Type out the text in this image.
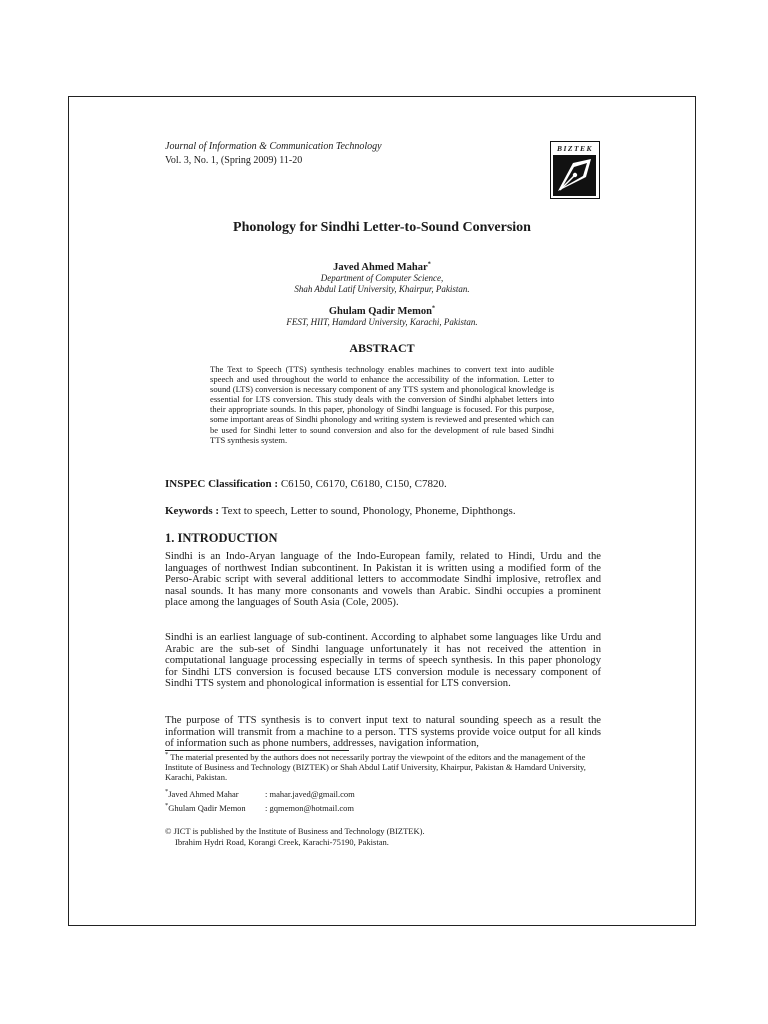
Journal of Information & Communication Technology
Vol. 3, No. 1, (Spring 2009) 11-20
BIZTEK
Phonology for Sindhi Letter-to-Sound Conversion
Javed Ahmed Mahar*
Department of Computer Science,
Shah Abdul Latif University, Khairpur, Pakistan.
Ghulam Qadir Memon*
FEST, HIIT, Hamdard University, Karachi, Pakistan.
ABSTRACT
The Text to Speech (TTS) synthesis technology enables machines to convert text into audible speech and used throughout the world to enhance the accessibility of the information. Letter to sound (LTS) conversion is necessary component of any TTS system and phonological knowledge is essential for LTS conversion. This study deals with the conversion of Sindhi alphabet letters into their appropriate sounds. In this paper, phonology of Sindhi language is focused. For this purpose, some important areas of Sindhi phonology and writing system is reviewed and presented which can be used for Sindhi letter to sound conversion and also for the development of rule based Sindhi TTS synthesis system.
INSPEC Classification : C6150, C6170, C6180, C150, C7820.
Keywords : Text to speech, Letter to sound, Phonology, Phoneme, Diphthongs.
1. INTRODUCTION
Sindhi is an Indo-Aryan language of the Indo-European family, related to Hindi, Urdu and the languages of northwest Indian subcontinent. In Pakistan it is written using a modified form of the Perso-Arabic script with several additional letters to accommodate Sindhi implosive, retroflex and nasal sounds. It has many more consonants and vowels than Arabic. Sindhi occupies a prominent place among the languages of South Asia (Cole, 2005).
Sindhi is an earliest language of sub-continent. According to alphabet some languages like Urdu and Arabic are the sub-set of Sindhi language unfortunately it has not received the attention in computational language processing especially in terms of speech synthesis. In this paper phonology for Sindhi LTS conversion is focused because LTS conversion module is necessary component of Sindhi TTS system and phonological information is essential for LTS conversion.
The purpose of TTS synthesis is to convert input text to natural sounding speech as a result the information will transmit from a machine to a person. TTS systems provide voice output for all kinds of information such as phone numbers, addresses, navigation information,
* The material presented by the authors does not necessarily portray the viewpoint of the editors and the management of the Institute of Business and Technology (BIZTEK) or Shah Abdul Latif University, Khairpur, Pakistan & Hamdard University, Karachi, Pakistan.
*Javed Ahmed Mahar	: mahar.javed@gmail.com
*Ghulam Qadir Memon : gqmemon@hotmail.com
© JICT is published by the Institute of Business and Technology (BIZTEK).
Ibrahim Hydri Road, Korangi Creek, Karachi-75190, Pakistan.
